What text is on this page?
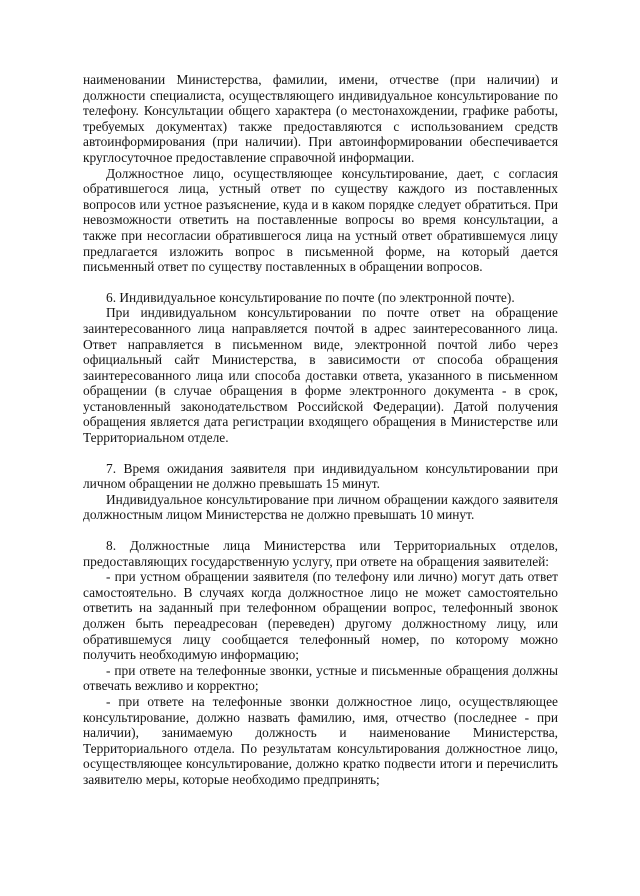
наименовании Министерства, фамилии, имени, отчестве (при наличии) и должности специалиста, осуществляющего индивидуальное консультирование по телефону. Консультации общего характера (о местонахождении, графике работы, требуемых документах) также предоставляются с использованием средств автоинформирования (при наличии). При автоинформировании обеспечивается круглосуточное предоставление справочной информации.

Должностное лицо, осуществляющее консультирование, дает, с согласия обратившегося лица, устный ответ по существу каждого из поставленных вопросов или устное разъяснение, куда и в каком порядке следует обратиться. При невозможности ответить на поставленные вопросы во время консультации, а также при несогласии обратившегося лица на устный ответ обратившемуся лицу предлагается изложить вопрос в письменной форме, на который дается письменный ответ по существу поставленных в обращении вопросов.

6. Индивидуальное консультирование по почте (по электронной почте).

При индивидуальном консультировании по почте ответ на обращение заинтересованного лица направляется почтой в адрес заинтересованного лица. Ответ направляется в письменном виде, электронной почтой либо через официальный сайт Министерства, в зависимости от способа обращения заинтересованного лица или способа доставки ответа, указанного в письменном обращении (в случае обращения в форме электронного документа - в срок, установленный законодательством Российской Федерации). Датой получения обращения является дата регистрации входящего обращения в Министерстве или Территориальном отделе.

7. Время ожидания заявителя при индивидуальном консультировании при личном обращении не должно превышать 15 минут.

Индивидуальное консультирование при личном обращении каждого заявителя должностным лицом Министерства не должно превышать 10 минут.

8. Должностные лица Министерства или Территориальных отделов, предоставляющих государственную услугу, при ответе на обращения заявителей:

- при устном обращении заявителя (по телефону или лично) могут дать ответ самостоятельно. В случаях когда должностное лицо не может самостоятельно ответить на заданный при телефонном обращении вопрос, телефонный звонок должен быть переадресован (переведен) другому должностному лицу, или обратившемуся лицу сообщается телефонный номер, по которому можно получить необходимую информацию;

- при ответе на телефонные звонки, устные и письменные обращения должны отвечать вежливо и корректно;

- при ответе на телефонные звонки должностное лицо, осуществляющее консультирование, должно назвать фамилию, имя, отчество (последнее - при наличии), занимаемую должность и наименование Министерства, Территориального отдела. По результатам консультирования должностное лицо, осуществляющее консультирование, должно кратко подвести итоги и перечислить заявителю меры, которые необходимо предпринять;
